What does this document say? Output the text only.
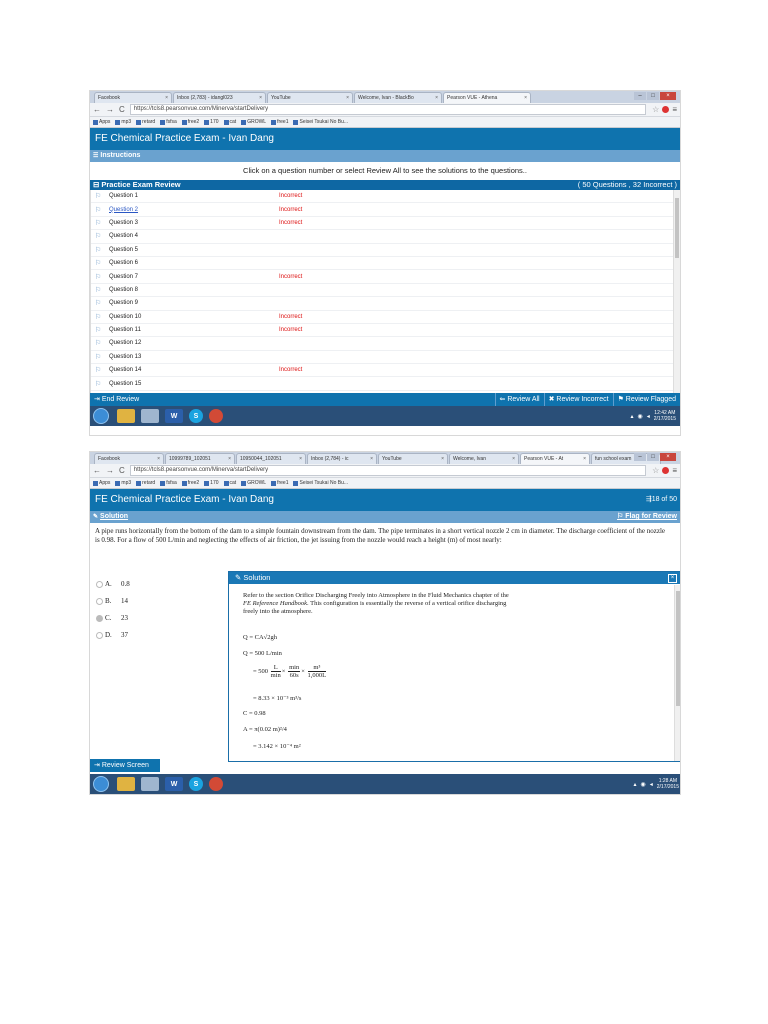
Facebook	× Inbox (2,783) - idangl023	× YouTube	× Welcome, Ivan - BlackBo	× Pearson VUE - Athena	×	–	□	×
← → C	https://tcls8.pearsonvue.com/Minerva/startDelivery	☆ ≡
Apps mp3 retard fsfsa free2 170 cat GROWL free1 Seisei Tsukai No Bu...
FE Chemical Practice Exam - Ivan Dang
☰ Instructions
Click on a question number or select Review All to see the solutions to the questions..
⊟ Practice Exam Review	( 50 Questions , 32 Incorrect )
⚐	Question 1	Incorrect
⚐	Question 2	Incorrect
⚐	Question 3	Incorrect
⚐	Question 4
⚐	Question 5
⚐	Question 6
⚐	Question 7	Incorrect
⚐	Question 8
⚐	Question 9
⚐	Question 10	Incorrect
⚐	Question 11	Incorrect
⚐	Question 12
⚐	Question 13
⚐	Question 14	Incorrect
⚐	Question 15
⇥ End Review	⇐ Review All	✖ Review Incorrect	⚑ Review Flagged
W	S	▴ ◉ ◂
12:42 AM
2/17/2015
Facebook	× 10999789_102051	× 10950044_102051	× Inbox (2,784) - ic	× YouTube	× Welcome, Ivan	× Pearson VUE - At	× fun school exam	–	□	×
← → C	https://tcls8.pearsonvue.com/Minerva/startDelivery	☆ ≡
Apps mp3 retard fsfsa free2 170 cat GROWL free1 Seisei Tsukai No Bu...
FE Chemical Practice Exam - Ivan Dang	⇶18 of 50
✎ Solution	⚐ Flag for Review
A pipe runs horizontally from the bottom of the dam to a simple fountain downstream from the dam. The pipe terminates in a short vertical nozzle 2 cm in diameter. The discharge coefficient of the nozzle is 0.98. For a flow of 500 L/min and neglecting the effects of air friction, the jet issuing from the nozzle would reach a height (m) of most nearly:
A.	0.8
B.	14
C.	23
D.	37
✎ Solution	×
Refer to the section Orifice Discharging Freely into Atmosphere in the Fluid Mechanics chapter of the FE Reference Handbook. This configuration is essentially the reverse of a vertical orifice discharging freely into the atmosphere.
Q = CA√2gh
Q = 500 L/min
= $500 \frac{L}{\min} \times \frac{\min}{60s} \times \frac{\text{m³}}{1,000L}$
= 8.33 × 10⁻³ m³/s
C = 0.98
A = π(0.02 m)²/4
= 3.142 × 10⁻⁴ m²
⇥ Review Screen
W	S	▴ ◉ ◂
1:28 AM
2/17/2015
